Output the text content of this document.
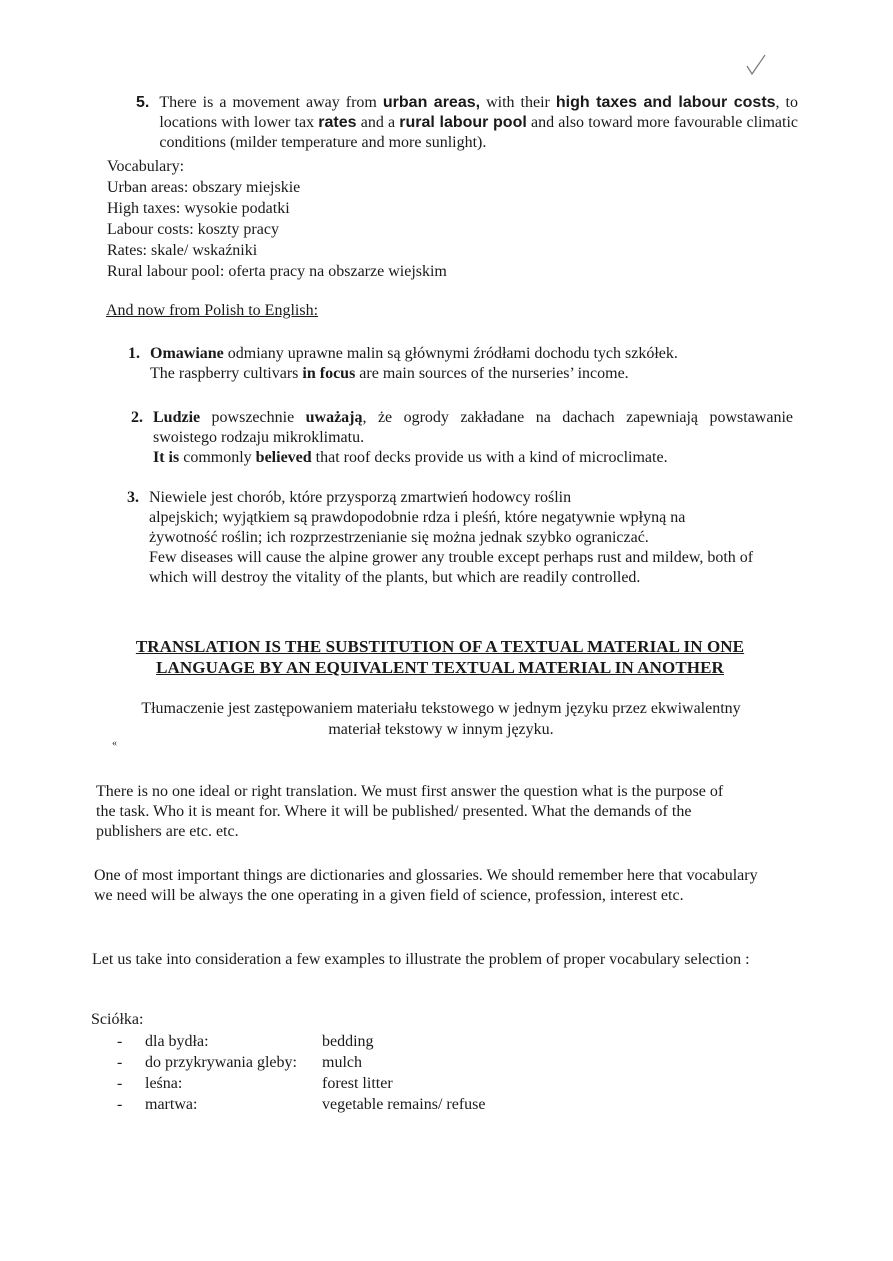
5. There is a movement away from urban areas, with their high taxes and labour costs, to locations with lower tax rates and a rural labour pool and also toward more favourable climatic conditions (milder temperature and more sunlight).
Vocabulary:
Urban areas: obszary miejskie
High taxes: wysokie podatki
Labour costs: koszty pracy
Rates: skale/ wskaźniki
Rural labour pool: oferta pracy na obszarze wiejskim
And now from Polish to English:
1. Omawiane odmiany uprawne malin są głównymi źródłami dochodu tych szkółek.
The raspberry cultivars in focus are main sources of the nurseries’ income.
2. Ludzie powszechnie uważają, że ogrody zakładane na dachach zapewniają powstawanie swoistego rodzaju mikroklimatu.
It is commonly believed that roof decks provide us with a kind of microclimate.
3. Niewiele jest chorób, które przysporzą zmartwień hodowcy roślin
alpejskich; wyjątkiem są prawdopodobnie rdza i pleśń, które negatywnie wpłyną na
żywotność roślin; ich rozprzestrzenianie się można jednak szybko ograniczać.
Few diseases will cause the alpine grower any trouble except perhaps rust and mildew, both of which will destroy the vitality of the plants, but which are readily controlled.
TRANSLATION IS THE SUBSTITUTION OF A TEXTUAL MATERIAL IN ONE LANGUAGE BY AN EQUIVALENT TEXTUAL MATERIAL IN ANOTHER
Tłumaczenie jest zastępowaniem materiału tekstowego w jednym języku przez ekwiwalentny
materiał tekstowy w innym języku.
«
There is no one ideal or right translation. We must first answer the question what is the purpose of the task. Who it is meant for. Where it will be published/ presented. What the demands of the publishers are etc. etc.
One of most important things are dictionaries and glossaries. We should remember here that vocabulary we need will be always the one operating in a given field of science, profession, interest etc.
Let us take into consideration a few examples to illustrate the problem of proper vocabulary selection :
Sciółka:
-	dla bydła:	bedding
-	do przykrywania gleby:	mulch
-	leśna:	forest litter
-	martwa:	vegetable remains/ refuse
